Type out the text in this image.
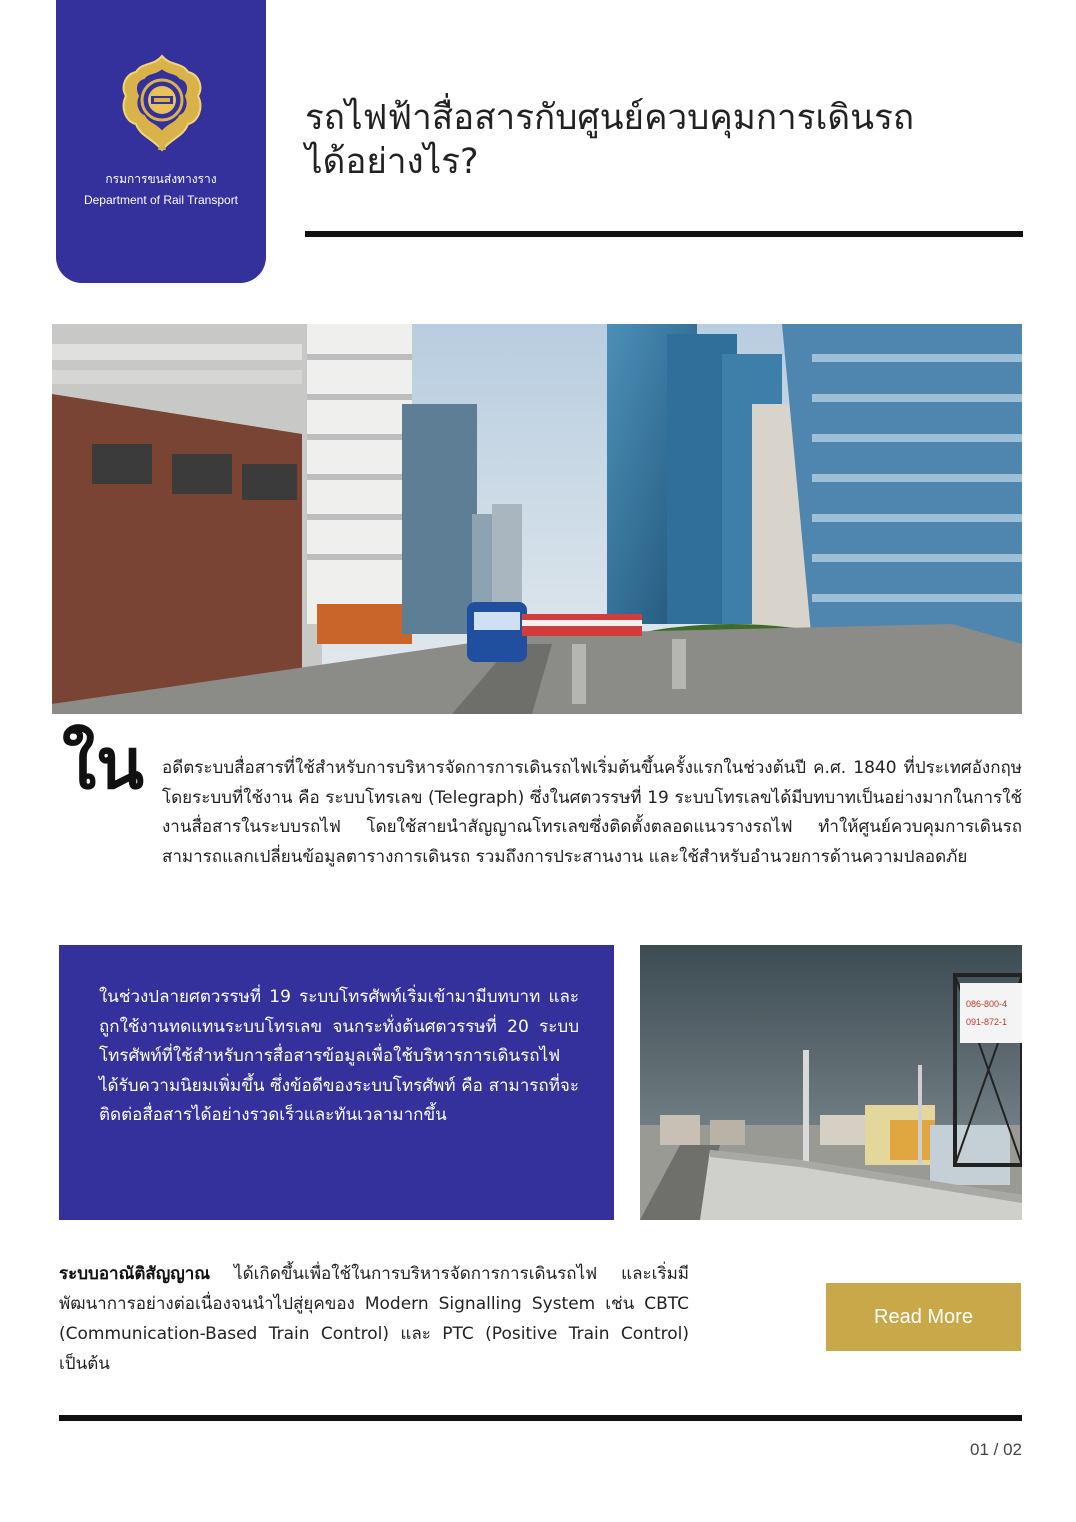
กรมการขนส่งทางราง
Department of Rail Transport
รถไฟฟ้าสื่อสารกับศูนย์ควบคุมการเดินรถ
ได้อย่างไร?
ใน อดีตระบบสื่อสารที่ใช้สำหรับการบริหารจัดการการเดินรถไฟเริ่มต้นขึ้นครั้งแรกในช่วงต้นปี ค.ศ. 1840 ที่ประเทศอังกฤษ โดยระบบที่ใช้งาน คือ ระบบโทรเลข (Telegraph) ซึ่งในศตวรรษที่ 19 ระบบโทรเลขได้มีบทบาทเป็นอย่างมากในการใช้งานสื่อสารในระบบรถไฟ โดยใช้สายนำสัญญาณโทรเลขซึ่งติดตั้งตลอดแนวรางรถไฟ ทำให้ศูนย์ควบคุมการเดินรถสามารถแลกเปลี่ยนข้อมูลตารางการเดินรถ รวมถึงการประสานงาน และใช้สำหรับอำนวยการด้านความปลอดภัย

ในช่วงปลายศตวรรษที่ 19 ระบบโทรศัพท์เริ่มเข้ามามีบทบาท และถูกใช้งานทดแทนระบบโทรเลข จนกระทั่งต้นศตวรรษที่ 20 ระบบโทรศัพท์ที่ใช้สำหรับการสื่อสารข้อมูลเพื่อใช้บริหารการเดินรถไฟได้รับความนิยมเพิ่มขึ้น ซึ่งข้อดีของระบบโทรศัพท์ คือ สามารถที่จะติดต่อสื่อสารได้อย่างรวดเร็วและทันเวลามากขึ้น

086-800-4
091-872-1

ระบบอาณัติสัญญาณ ได้เกิดขึ้นเพื่อใช้ในการบริหารจัดการการเดินรถไฟ และเริ่มมีพัฒนาการอย่างต่อเนื่องจนนำไปสู่ยุคของ Modern Signalling System เช่น CBTC (Communication-Based Train Control) และ PTC (Positive Train Control) เป็นต้น

Read More
01 / 02
